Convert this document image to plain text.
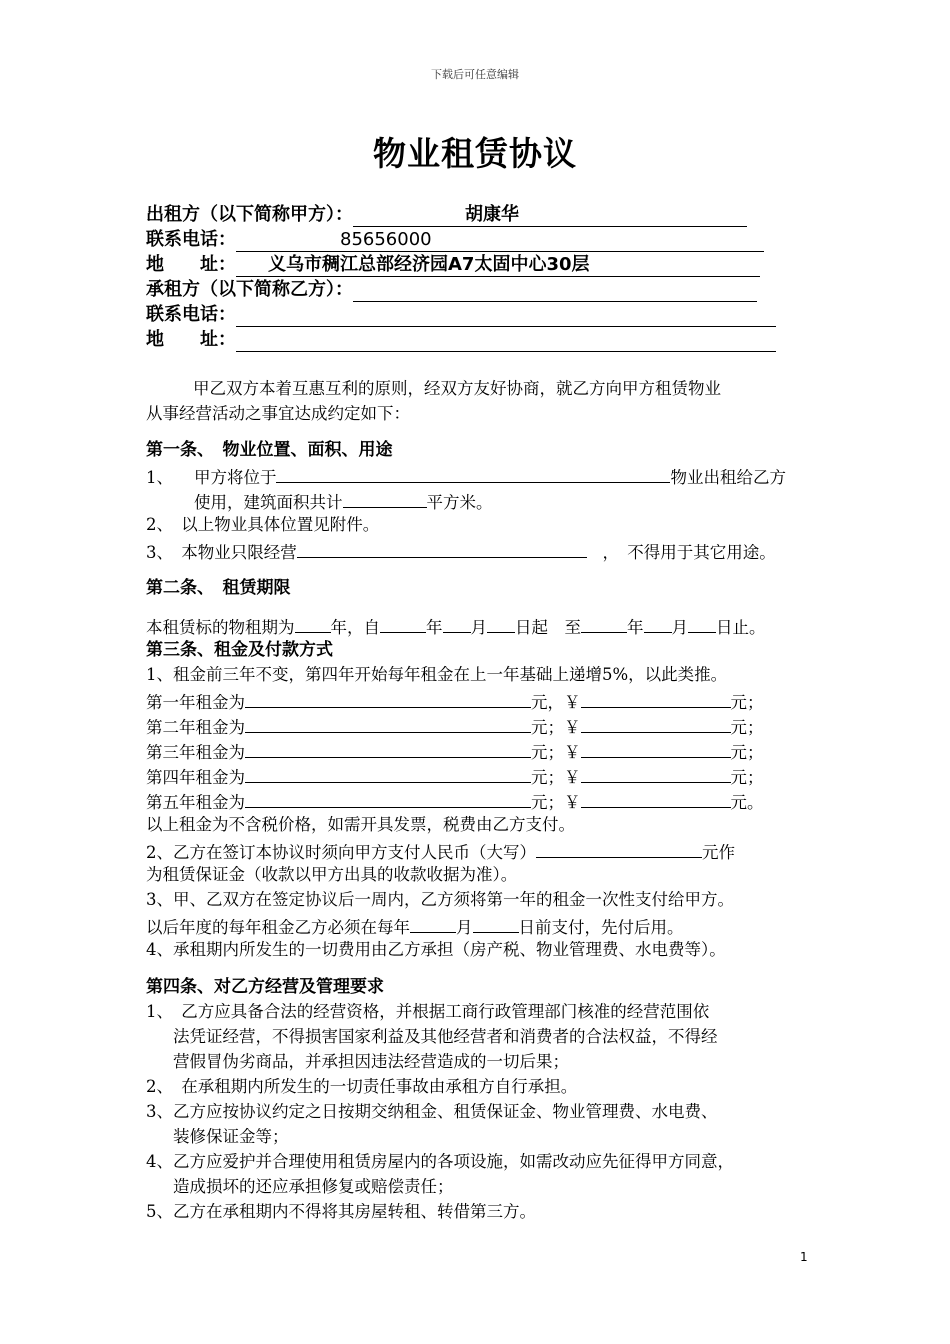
下载后可任意编辑
物业租赁协议
出租方（以下简称甲方）：	胡康华
联系电话：	85656000
地　　址： 义乌市稠江总部经济园A7太固中心30层
承租方（以下简称乙方）：
联系电话：
地　　址：
甲乙双方本着互惠互利的原则，经双方友好协商，就乙方向甲方租赁物业
从事经营活动之事宜达成约定如下：
第一条、　物业位置、面积、用途
1、 甲方将位于	物业出租给乙方
使用，建筑面积共计	平方米。
2、　以上物业具体位置见附件。
3、　本物业只限经营	，　不得用于其它用途。
第二条、　租赁期限
本租赁标的物租期为 年，自	年 月 日起　至	年 月 日止。
第三条、租金及付款方式
1、租金前三年不变，第四年开始每年租金在上一年基础上递增5%，以此类推。
第一年租金为	元，￥	元；
第二年租金为	元；￥	元；
第三年租金为	元；￥	元；
第四年租金为	元；￥	元；
第五年租金为	元；￥	元。
以上租金为不含税价格，如需开具发票，税费由乙方支付。
2、乙方在签订本协议时须向甲方支付人民币（大写）	元作
为租赁保证金（收款以甲方出具的收款收据为准）。
3、甲、乙双方在签定协议后一周内，乙方须将第一年的租金一次性支付给甲方。
以后年度的每年租金乙方必须在每年	月	日前支付，先付后用。
4、承租期内所发生的一切费用由乙方承担（房产税、物业管理费、水电费等）。
第四条、对乙方经营及管理要求
1、　乙方应具备合法的经营资格，并根据工商行政管理部门核准的经营范围依
法凭证经营，不得损害国家利益及其他经营者和消费者的合法权益，不得经
营假冒伪劣商品，并承担因违法经营造成的一切后果；
2、　在承租期内所发生的一切责任事故由承租方自行承担。
3、乙方应按协议约定之日按期交纳租金、租赁保证金、物业管理费、水电费、
装修保证金等；
4、乙方应爱护并合理使用租赁房屋内的各项设施，如需改动应先征得甲方同意，
造成损坏的还应承担修复或赔偿责任；
5、乙方在承租期内不得将其房屋转租、转借第三方。
1
